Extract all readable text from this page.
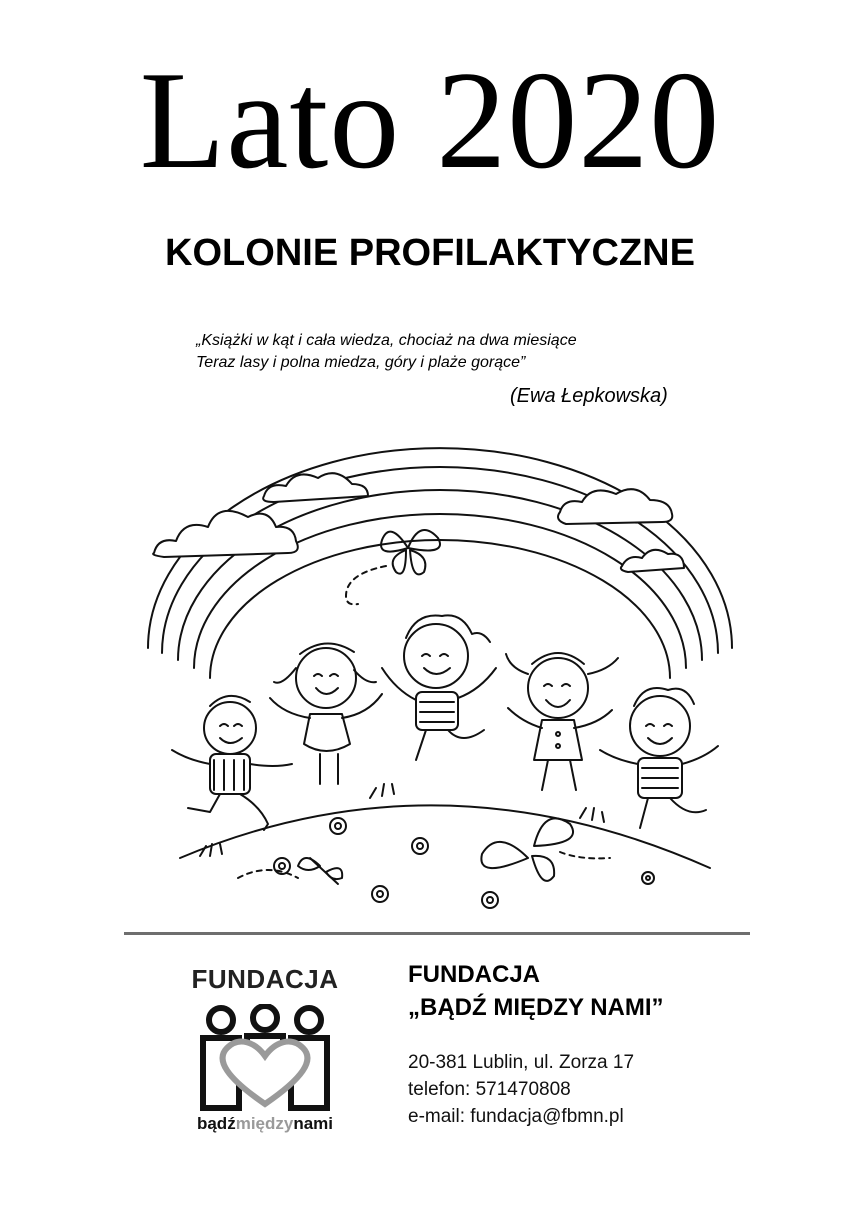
Lato 2020
KOLONIE PROFILAKTYCZNE
„Książki w kąt i cała wiedza, chociaż na dwa miesiące
Teraz lasy i polna miedza, góry i plaże gorące”
(Ewa Łepkowska)
FUNDACJA
bądźmiędzynami
FUNDACJA
„BĄDŹ MIĘDZY NAMI”
20-381 Lublin, ul. Zorza 17
telefon: 571470808
e-mail: fundacja@fbmn.pl
